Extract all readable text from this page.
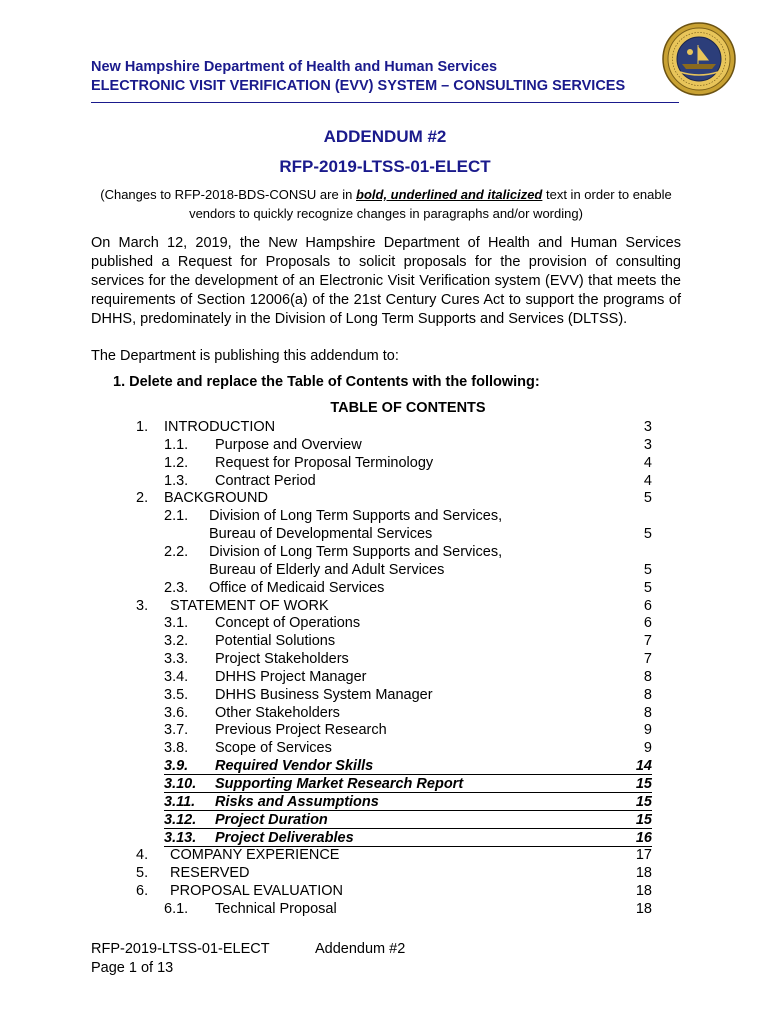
New Hampshire Department of Health and Human Services
ELECTRONIC VISIT VERIFICATION (EVV) SYSTEM – CONSULTING SERVICES
ADDENDUM #2
RFP-2019-LTSS-01-ELECT
(Changes to RFP-2018-BDS-CONSU are in bold, underlined and italicized text in order to enable vendors to quickly recognize changes in paragraphs and/or wording)
On March 12, 2019, the New Hampshire Department of Health and Human Services published a Request for Proposals to solicit proposals for the provision of consulting services for the development of an Electronic Visit Verification system (EVV) that meets the requirements of Section 12006(a) of the 21st Century Cures Act to support the programs of DHHS, predominately in the Division of Long Term Supports and Services (DLTSS).
The Department is publishing this addendum to:
1. Delete and replace the Table of Contents with the following:
TABLE OF CONTENTS
1. INTRODUCTION	3
1.1. Purpose and Overview	3
1.2. Request for Proposal Terminology	4
1.3. Contract Period	4
2. BACKGROUND	5
2.1. Division of Long Term Supports and Services,
Bureau of Developmental Services	5
2.2. Division of Long Term Supports and Services,
Bureau of Elderly and Adult Services	5
2.3. Office of Medicaid Services	5
3. STATEMENT OF WORK	6
3.1. Concept of Operations	6
3.2. Potential Solutions	7
3.3. Project Stakeholders	7
3.4. DHHS Project Manager	8
3.5. DHHS Business System Manager	8
3.6. Other Stakeholders	8
3.7. Previous Project Research	9
3.8. Scope of Services	9
3.9. Required Vendor Skills	14
3.10. Supporting Market Research Report	15
3.11. Risks and Assumptions	15
3.12. Project Duration	15
3.13. Project Deliverables	16
4. COMPANY EXPERIENCE	17
5. RESERVED	18
6. PROPOSAL EVALUATION	18
6.1. Technical Proposal	18
RFP-2019-LTSS-01-ELECT	Addendum #2
Page 1 of 13
